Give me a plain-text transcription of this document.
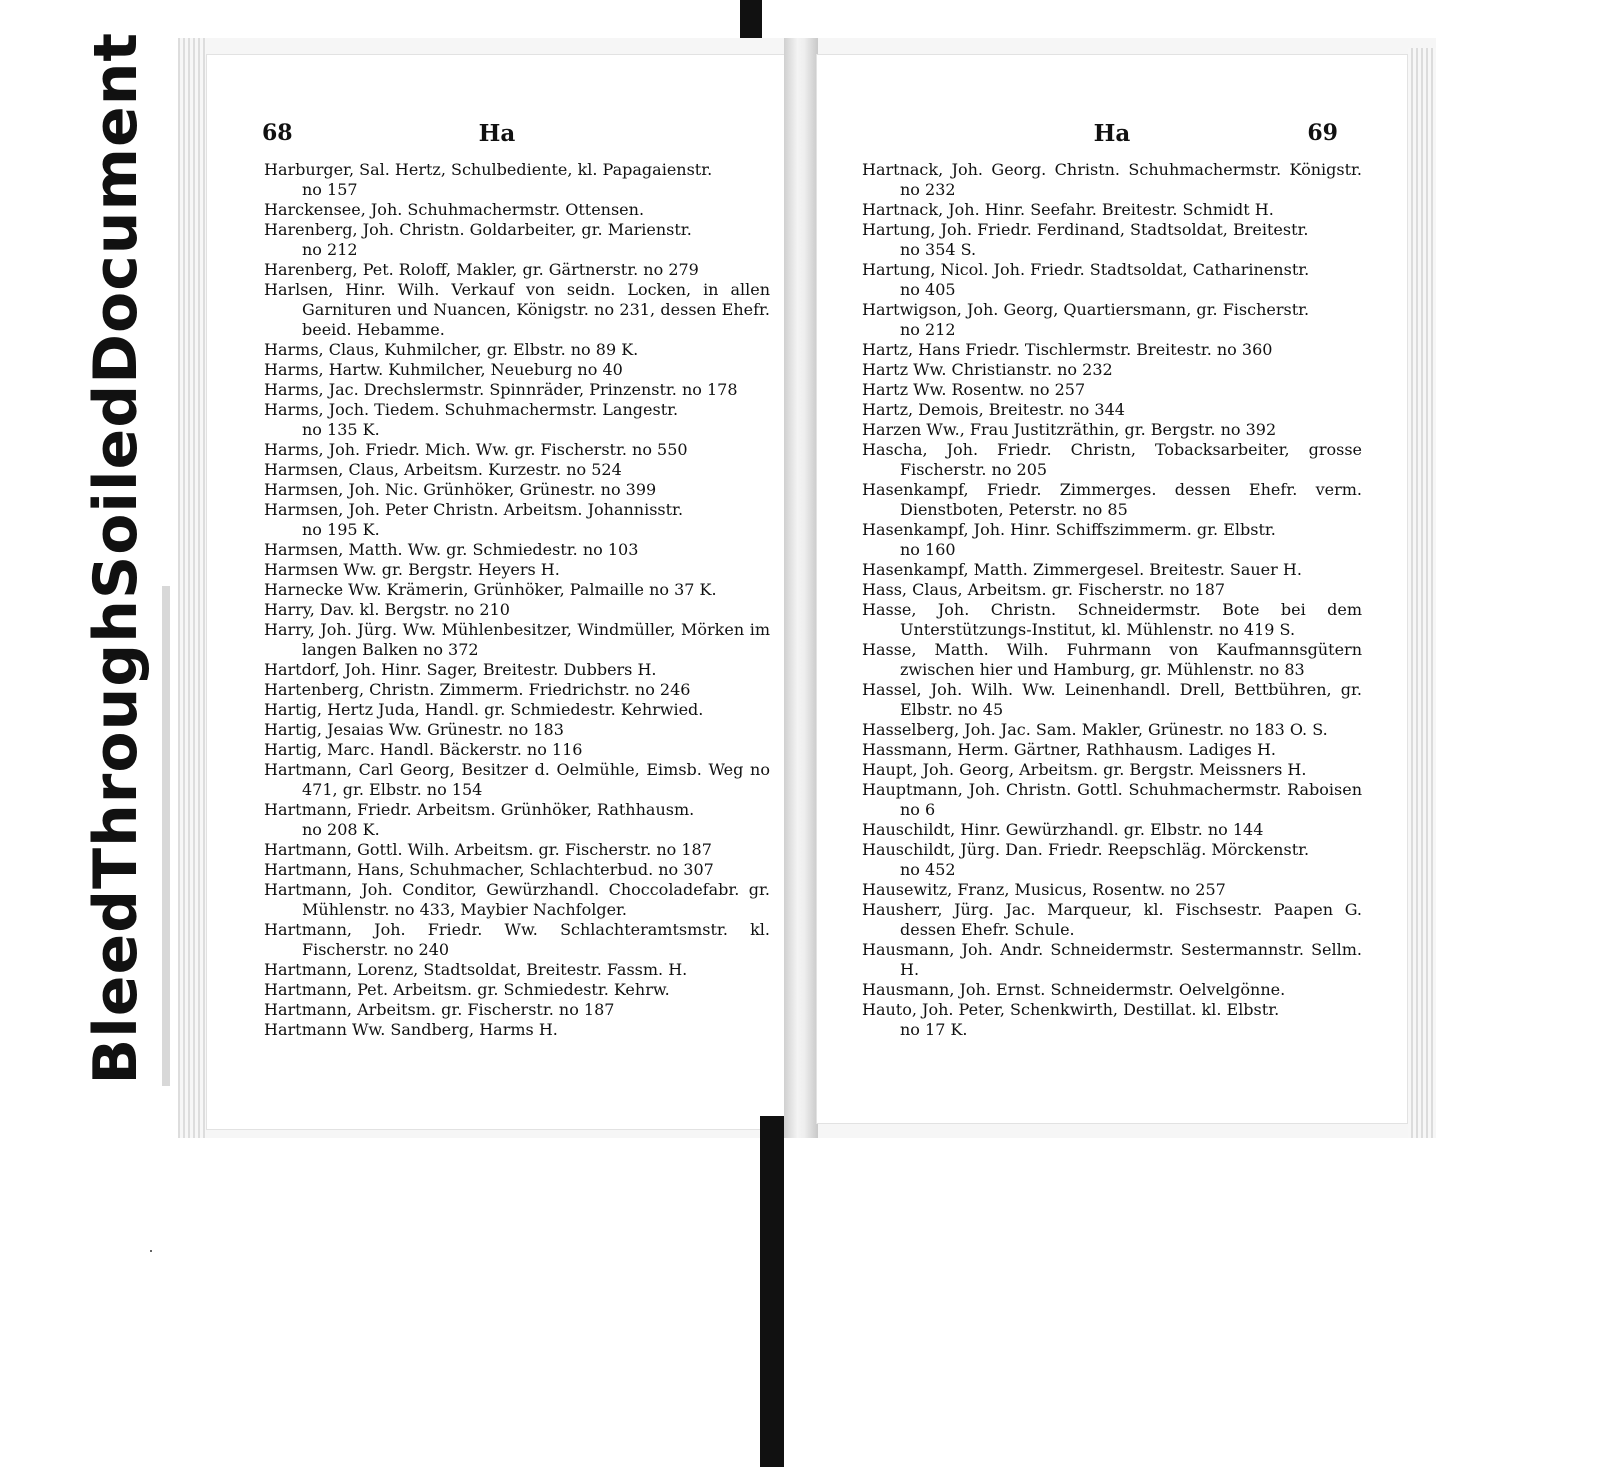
Bleed
Through
Soiled
Document	68	Ha
Harburger, Sal. Hertz, Schulbediente, kl. Papagaienstr.
no 157
Harckensee, Joh. Schuhmachermstr. Ottensen.
Harenberg, Joh. Christn. Goldarbeiter, gr. Marienstr.
no 212
Harenberg, Pet. Roloff, Makler, gr. Gärtnerstr. no 279
Harlsen, Hinr. Wilh. Verkauf von seidn. Locken, in allen Garnituren und Nuancen, Königstr. no 231, dessen Ehefr. beeid. Hebamme.
Harms, Claus, Kuhmilcher, gr. Elbstr. no 89 K.
Harms, Hartw. Kuhmilcher, Neueburg no 40
Harms, Jac. Drechslermstr. Spinnräder, Prinzenstr. no 178
Harms, Joch. Tiedem. Schuhmachermstr. Langestr.
no 135 K.
Harms, Joh. Friedr. Mich. Ww. gr. Fischerstr. no 550
Harmsen, Claus, Arbeitsm. Kurzestr. no 524
Harmsen, Joh. Nic. Grünhöker, Grünestr. no 399
Harmsen, Joh. Peter Christn. Arbeitsm. Johannisstr.
no 195 K.
Harmsen, Matth. Ww. gr. Schmiedestr. no 103
Harmsen Ww. gr. Bergstr. Heyers H.
Harnecke Ww. Krämerin, Grünhöker, Palmaille no 37 K.
Harry, Dav. kl. Bergstr. no 210
Harry, Joh. Jürg. Ww. Mühlenbesitzer, Windmüller, Mörken im langen Balken no 372
Hartdorf, Joh. Hinr. Sager, Breitestr. Dubbers H.
Hartenberg, Christn. Zimmerm. Friedrichstr. no 246
Hartig, Hertz Juda, Handl. gr. Schmiedestr. Kehrwied.
Hartig, Jesaias Ww. Grünestr. no 183
Hartig, Marc. Handl. Bäckerstr. no 116
Hartmann, Carl Georg, Besitzer d. Oelmühle, Eimsb. Weg no 471, gr. Elbstr. no 154
Hartmann, Friedr. Arbeitsm. Grünhöker, Rathhausm.
no 208 K.
Hartmann, Gottl. Wilh. Arbeitsm. gr. Fischerstr. no 187
Hartmann, Hans, Schuhmacher, Schlachterbud. no 307
Hartmann, Joh. Conditor, Gewürzhandl. Choccoladefabr. gr. Mühlenstr. no 433, Maybier Nachfolger.
Hartmann, Joh. Friedr. Ww. Schlachteramtsmstr. kl. Fischerstr. no 240
Hartmann, Lorenz, Stadtsoldat, Breitestr. Fassm. H.
Hartmann, Pet. Arbeitsm. gr. Schmiedestr. Kehrw.
Hartmann, Arbeitsm. gr. Fischerstr. no 187
Hartmann Ww. Sandberg, Harms H.
Ha	69
Hartnack, Joh. Georg. Christn. Schuhmachermstr. Königstr. no 232
Hartnack, Joh. Hinr. Seefahr. Breitestr. Schmidt H.
Hartung, Joh. Friedr. Ferdinand, Stadtsoldat, Breitestr.
no 354 S.
Hartung, Nicol. Joh. Friedr. Stadtsoldat, Catharinenstr.
no 405
Hartwigson, Joh. Georg, Quartiersmann, gr. Fischerstr.
no 212
Hartz, Hans Friedr. Tischlermstr. Breitestr. no 360
Hartz Ww. Christianstr. no 232
Hartz Ww. Rosentw. no 257
Hartz, Demois, Breitestr. no 344
Harzen Ww., Frau Justitzräthin, gr. Bergstr. no 392
Hascha, Joh. Friedr. Christn, Tobacksarbeiter, grosse Fischerstr. no 205
Hasenkampf, Friedr. Zimmerges. dessen Ehefr. verm. Dienstboten, Peterstr. no 85
Hasenkampf, Joh. Hinr. Schiffszimmerm. gr. Elbstr.
no 160
Hasenkampf, Matth. Zimmergesel. Breitestr. Sauer H.
Hass, Claus, Arbeitsm. gr. Fischerstr. no 187
Hasse, Joh. Christn. Schneidermstr. Bote bei dem Unterstützungs-Institut, kl. Mühlenstr. no 419 S.
Hasse, Matth. Wilh. Fuhrmann von Kaufmannsgütern zwischen hier und Hamburg, gr. Mühlenstr. no 83
Hassel, Joh. Wilh. Ww. Leinenhandl. Drell, Bettbühren, gr. Elbstr. no 45
Hasselberg, Joh. Jac. Sam. Makler, Grünestr. no 183 O. S.
Hassmann, Herm. Gärtner, Rathhausm. Ladiges H.
Haupt, Joh. Georg, Arbeitsm. gr. Bergstr. Meissners H.
Hauptmann, Joh. Christn. Gottl. Schuhmachermstr. Raboisen no 6
Hauschildt, Hinr. Gewürzhandl. gr. Elbstr. no 144
Hauschildt, Jürg. Dan. Friedr. Reepschläg. Mörckenstr.
no 452
Hausewitz, Franz, Musicus, Rosentw. no 257
Hausherr, Jürg. Jac. Marqueur, kl. Fischsestr. Paapen G. dessen Ehefr. Schule.
Hausmann, Joh. Andr. Schneidermstr. Sestermannstr. Sellm. H.
Hausmann, Joh. Ernst. Schneidermstr. Oelvelgönne.
Hauto, Joh. Peter, Schenkwirth, Destillat. kl. Elbstr.
no 17 K.
